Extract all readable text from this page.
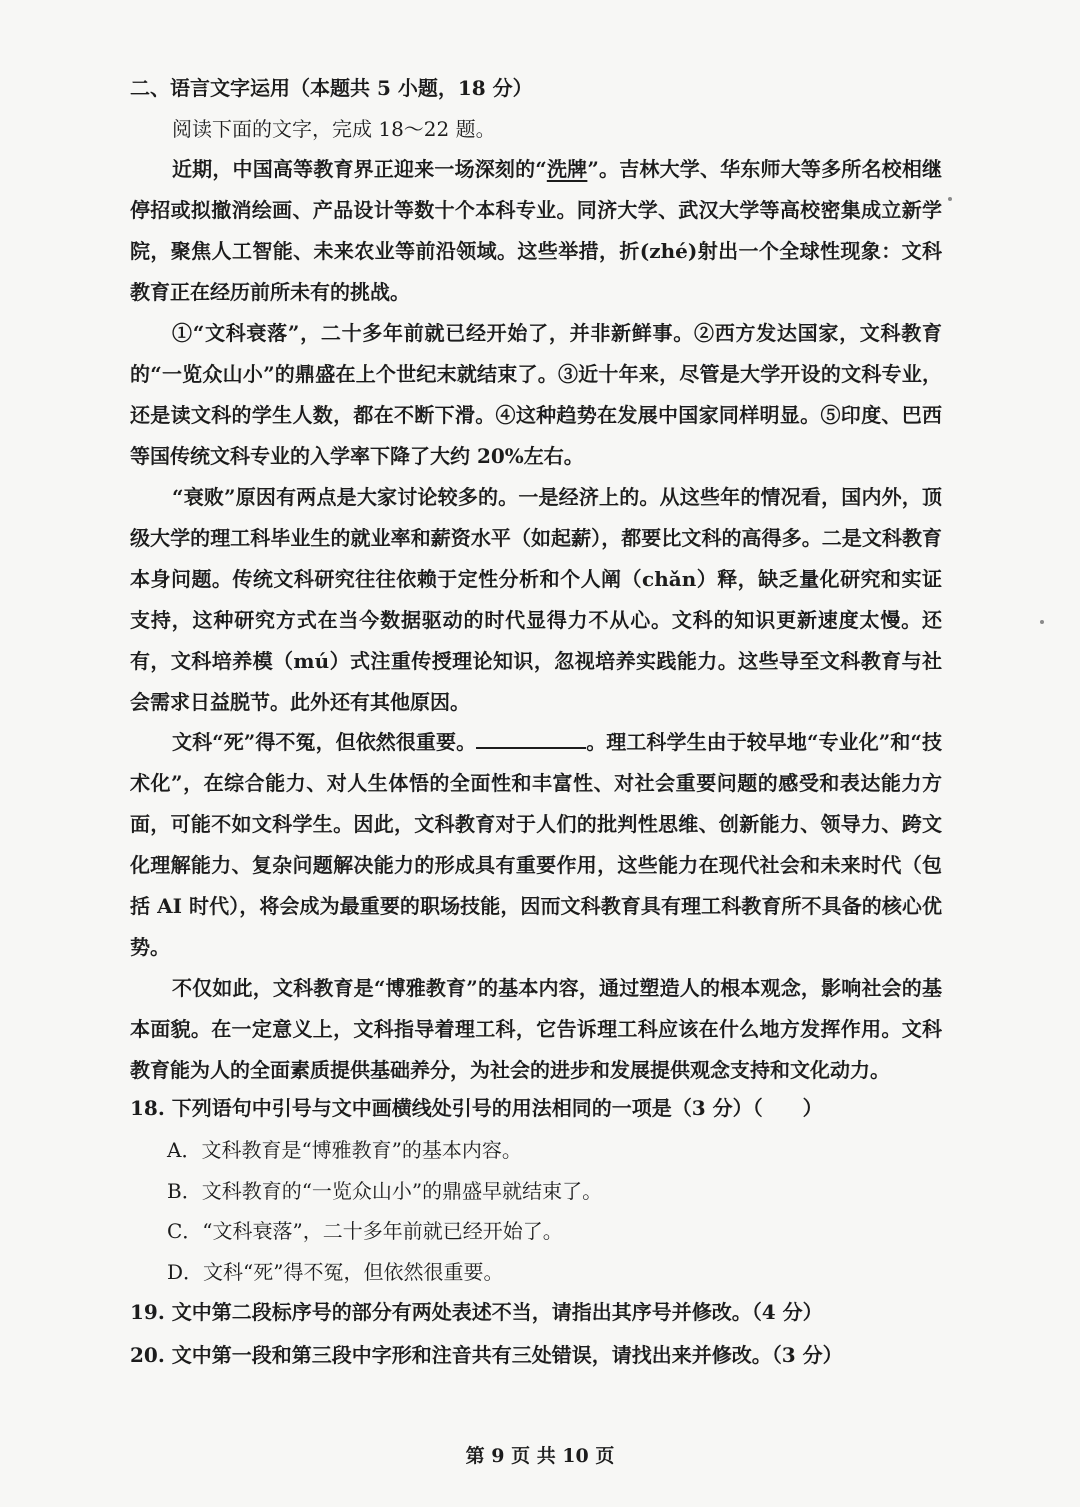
二、语言文字运用（本题共 5 小题，18 分）
阅读下面的文字，完成 18～22 题。

近期，中国高等教育界正迎来一场深刻的“洗牌”。吉林大学、华东师大等多所名校相继停招或拟撤消绘画、产品设计等数十个本科专业。同济大学、武汉大学等高校密集成立新学院，聚焦人工智能、未来农业等前沿领域。这些举措，折(zhé)射出一个全球性现象：文科教育正在经历前所未有的挑战。

①“文科衰落”，二十多年前就已经开始了，并非新鲜事。②西方发达国家，文科教育的“一览众山小”的鼎盛在上个世纪末就结束了。③近十年来，尽管是大学开设的文科专业，还是读文科的学生人数，都在不断下滑。④这种趋势在发展中国家同样明显。⑤印度、巴西等国传统文科专业的入学率下降了大约 20%左右。

“衰败”原因有两点是大家讨论较多的。一是经济上的。从这些年的情况看，国内外，顶级大学的理工科毕业生的就业率和薪资水平（如起薪），都要比文科的高得多。二是文科教育本身问题。传统文科研究往往依赖于定性分析和个人阐（chǎn）释，缺乏量化研究和实证支持，这种研究方式在当今数据驱动的时代显得力不从心。文科的知识更新速度太慢。还有，文科培养模（mú）式注重传授理论知识，忽视培养实践能力。这些导至文科教育与社会需求日益脱节。此外还有其他原因。

文科“死”得不冤，但依然很重要。	。理工科学生由于较早地“专业化”和“技术化”，在综合能力、对人生体悟的全面性和丰富性、对社会重要问题的感受和表达能力方面，可能不如文科学生。因此，文科教育对于人们的批判性思维、创新能力、领导力、跨文化理解能力、复杂问题解决能力的形成具有重要作用，这些能力在现代社会和未来时代（包括 AI 时代），将会成为最重要的职场技能，因而文科教育具有理工科教育所不具备的核心优势。

不仅如此，文科教育是“博雅教育”的基本内容，通过塑造人的根本观念，影响社会的基本面貌。在一定意义上，文科指导着理工科，它告诉理工科应该在什么地方发挥作用。文科教育能为人的全面素质提供基础养分，为社会的进步和发展提供观念支持和文化动力。

18. 下列语句中引号与文中画横线处引号的用法相同的一项是（3 分）（　　）
A．文科教育是“博雅教育”的基本内容。
B．文科教育的“一览众山小”的鼎盛早就结束了。
C．“文科衰落”，二十多年前就已经开始了。
D．文科“死”得不冤，但依然很重要。
19. 文中第二段标序号的部分有两处表述不当，请指出其序号并修改。（4 分）
20. 文中第一段和第三段中字形和注音共有三处错误，请找出来并修改。（3 分）
第 9 页 共 10 页
